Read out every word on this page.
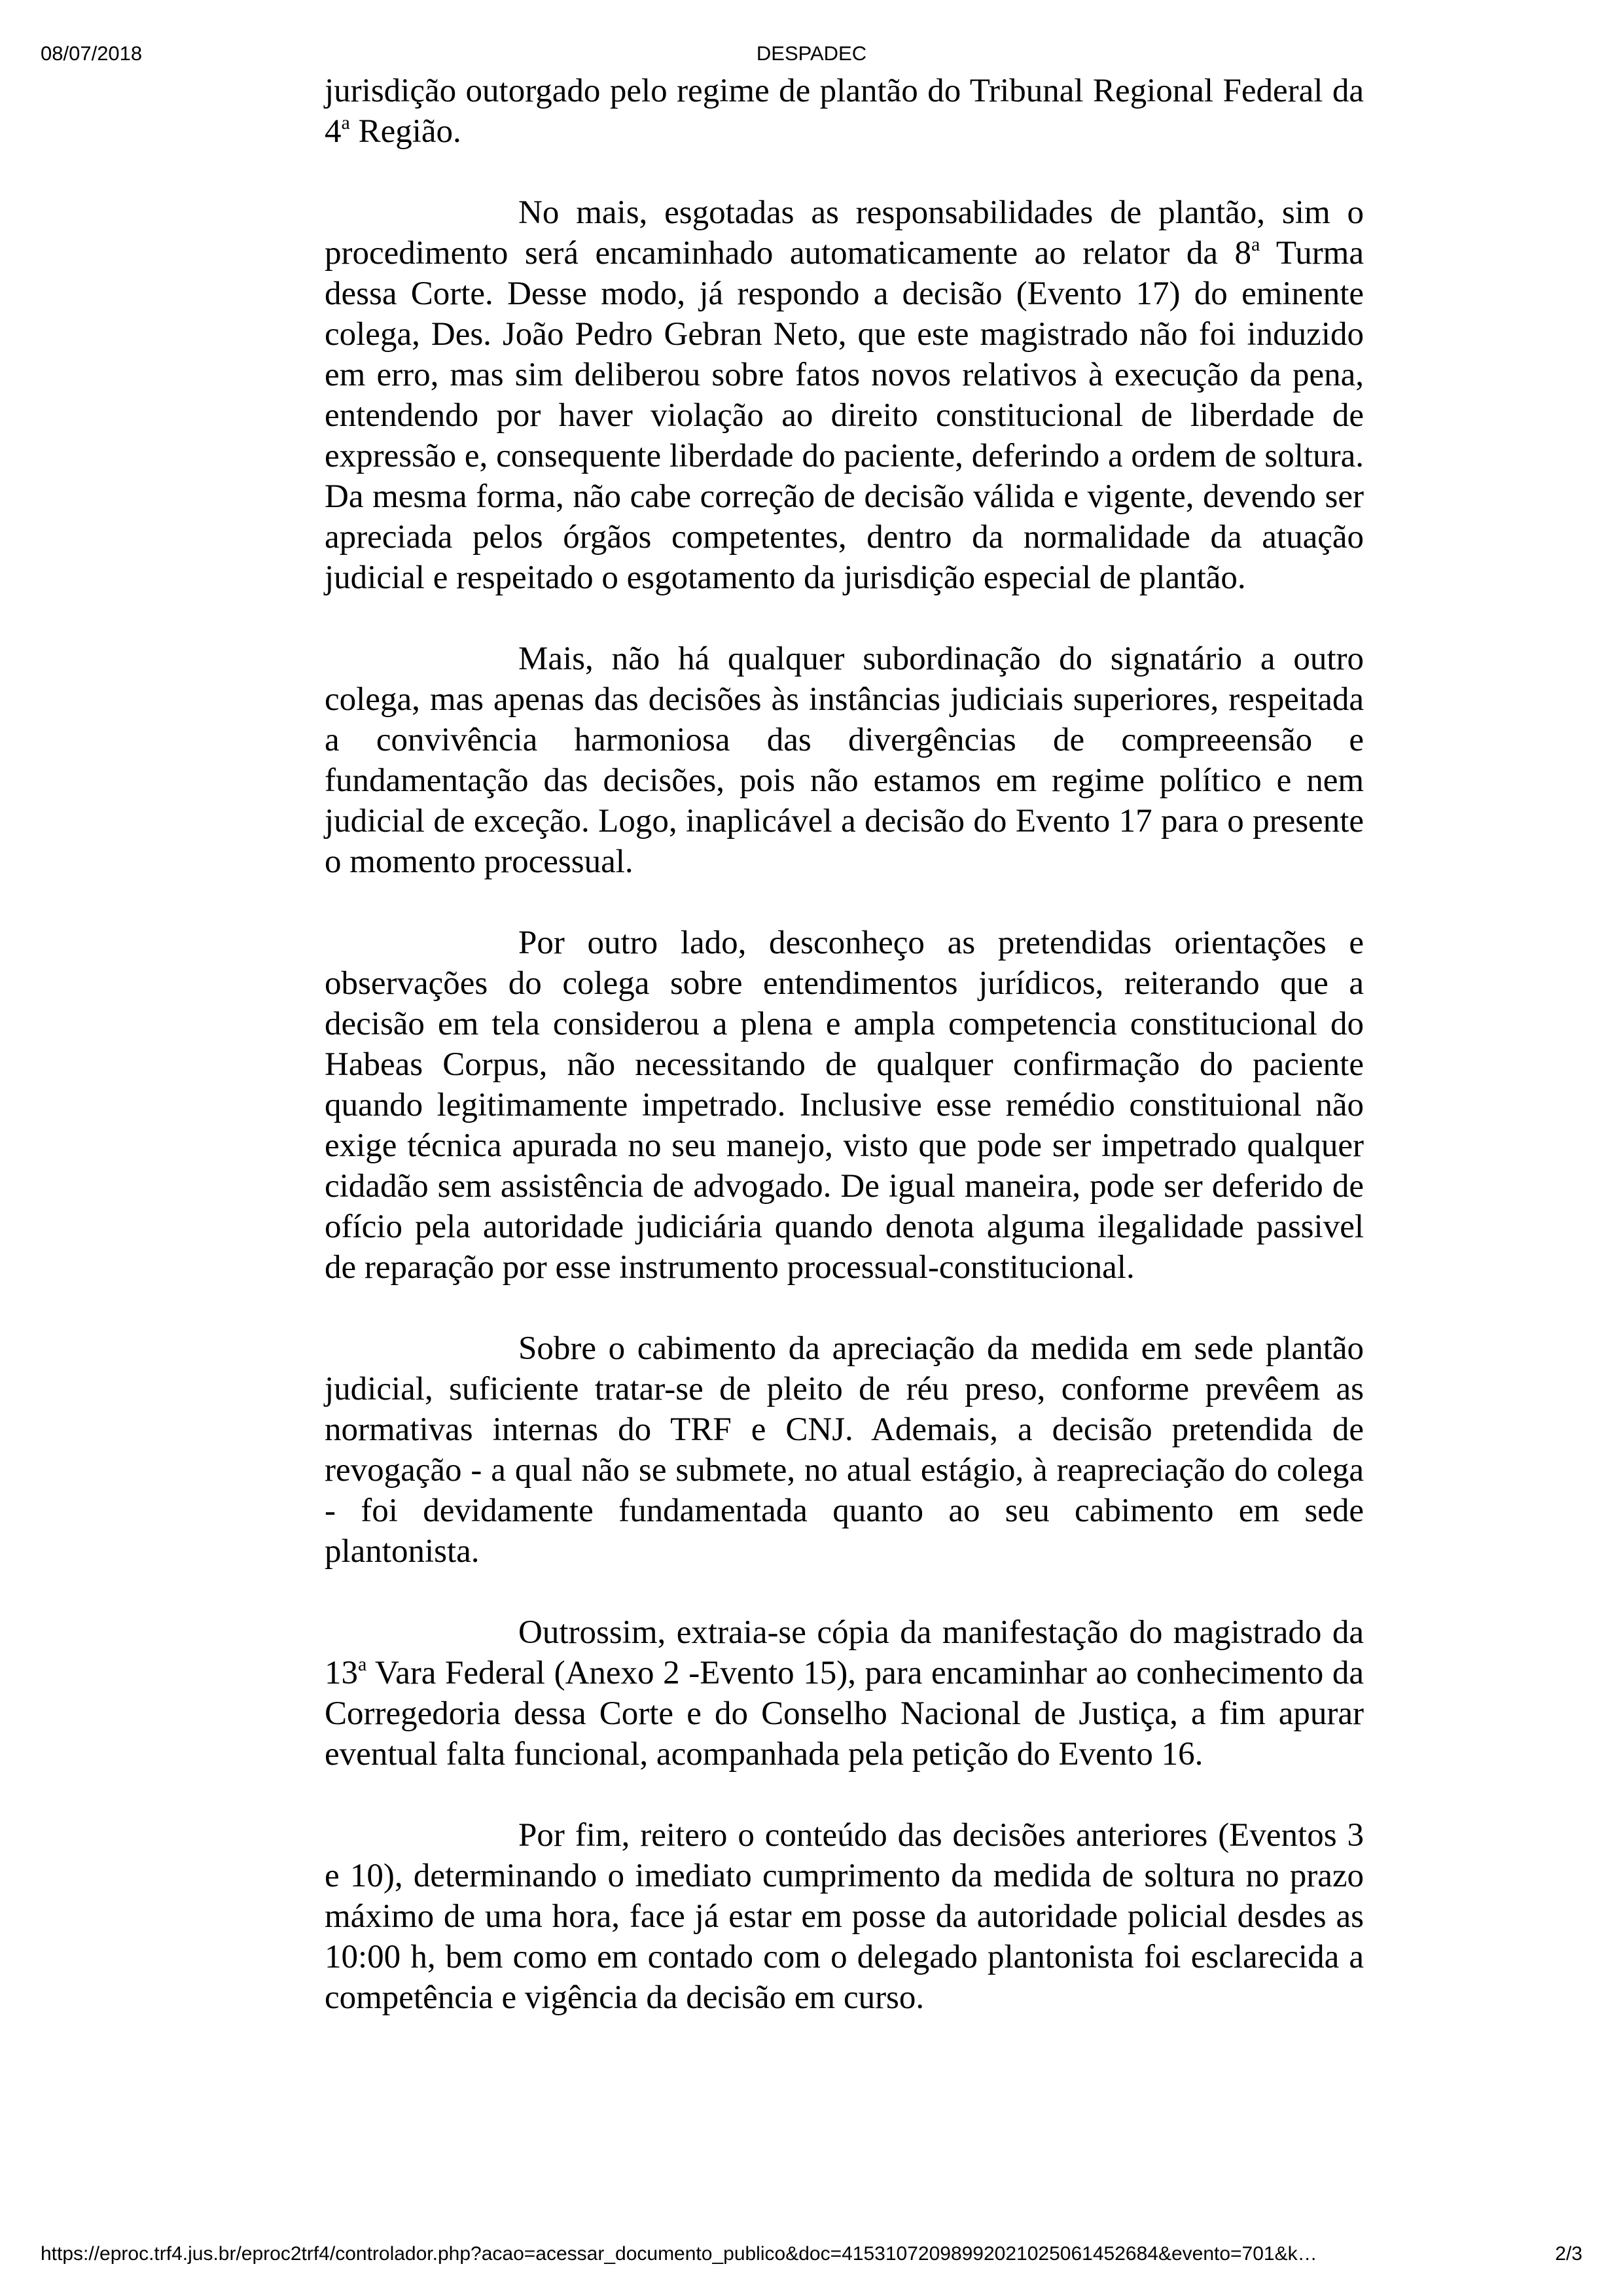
08/07/2018	DESPADEC

jurisdição outorgado pelo regime de plantão do Tribunal Regional Federal da 4$^a$ Região.

No mais, esgotadas as responsabilidades de plantão, sim o procedimento será encaminhado automaticamente ao relator da 8$^a$ Turma dessa Corte. Desse modo, já respondo a decisão (Evento 17) do eminente colega, Des. João Pedro Gebran Neto, que este magistrado não foi induzido em erro, mas sim deliberou sobre fatos novos relativos à execução da pena, entendendo por haver violação ao direito constitucional de liberdade de expressão e, consequente liberdade do paciente, deferindo a ordem de soltura. Da mesma forma, não cabe correção de decisão válida e vigente, devendo ser apreciada pelos órgãos competentes, dentro da normalidade da atuação judicial e respeitado o esgotamento da jurisdição especial de plantão.

Mais, não há qualquer subordinação do signatário a outro colega, mas apenas das decisões às instâncias judiciais superiores, respeitada a convivência harmoniosa das divergências de compreeensão e fundamentação das decisões, pois não estamos em regime político e nem judicial de exceção. Logo, inaplicável a decisão do Evento 17 para o presente o momento processual.

Por outro lado, desconheço as pretendidas orientações e observações do colega sobre entendimentos jurídicos, reiterando que a decisão em tela considerou a plena e ampla competencia constitucional do Habeas Corpus, não necessitando de qualquer confirmação do paciente quando legitimamente impetrado. Inclusive esse remédio constituional não exige técnica apurada no seu manejo, visto que pode ser impetrado qualquer cidadão sem assistência de advogado. De igual maneira, pode ser deferido de ofício pela autoridade judiciária quando denota alguma ilegalidade passivel de reparação por esse instrumento processual-constitucional.

Sobre o cabimento da apreciação da medida em sede plantão judicial, suficiente tratar-se de pleito de réu preso, conforme prevêem as normativas internas do TRF e CNJ. Ademais, a decisão pretendida de revogação - a qual não se submete, no atual estágio, à reapreciação do colega - foi devidamente fundamentada quanto ao seu cabimento em sede plantonista.

Outrossim, extraia-se cópia da manifestação do magistrado da 13$^a$ Vara Federal (Anexo 2 -Evento 15), para encaminhar ao conhecimento da Corregedoria dessa Corte e do Conselho Nacional de Justiça, a fim apurar eventual falta funcional, acompanhada pela petição do Evento 16.

Por fim, reitero o conteúdo das decisões anteriores (Eventos 3 e 10), determinando o imediato cumprimento da medida de soltura no prazo máximo de uma hora, face já estar em posse da autoridade policial desdes as 10:00 h, bem como em contado com o delegado plantonista foi esclarecida a competência e vigência da decisão em curso.

https://eproc.trf4.jus.br/eproc2trf4/controlador.php?acao=acessar_documento_publico&doc=41531072098992021025061452684&evento=701&k…	2/3
